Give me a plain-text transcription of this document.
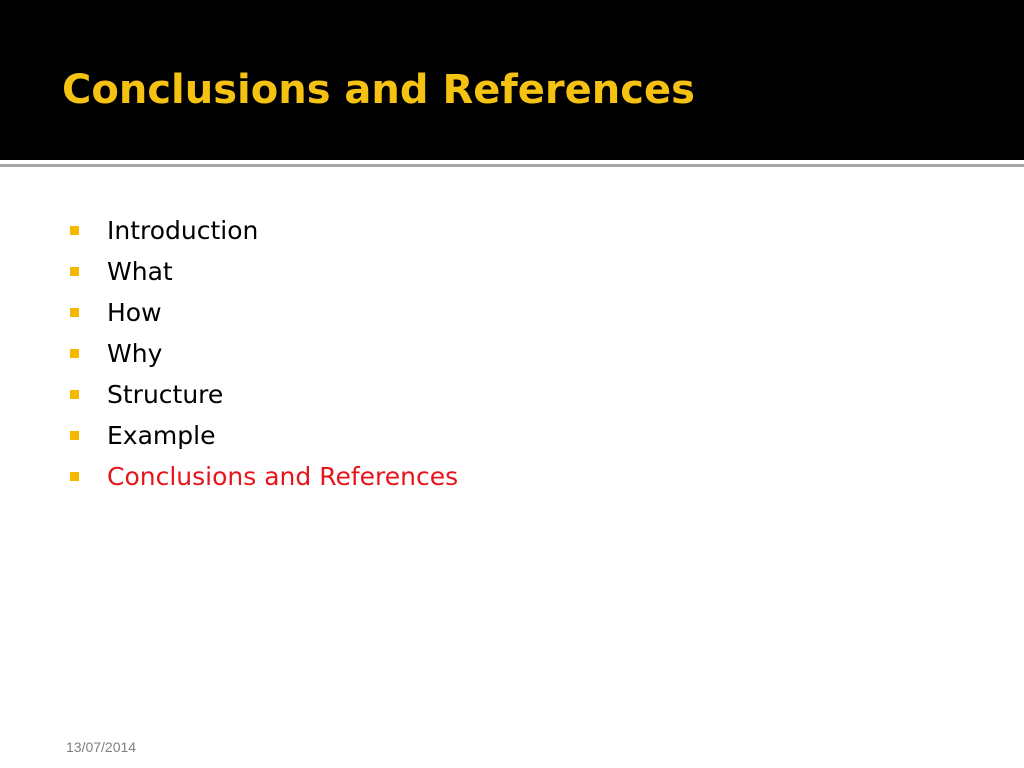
Conclusions and References
Introduction
What
How
Why
Structure
Example
Conclusions and References
13/07/2014
